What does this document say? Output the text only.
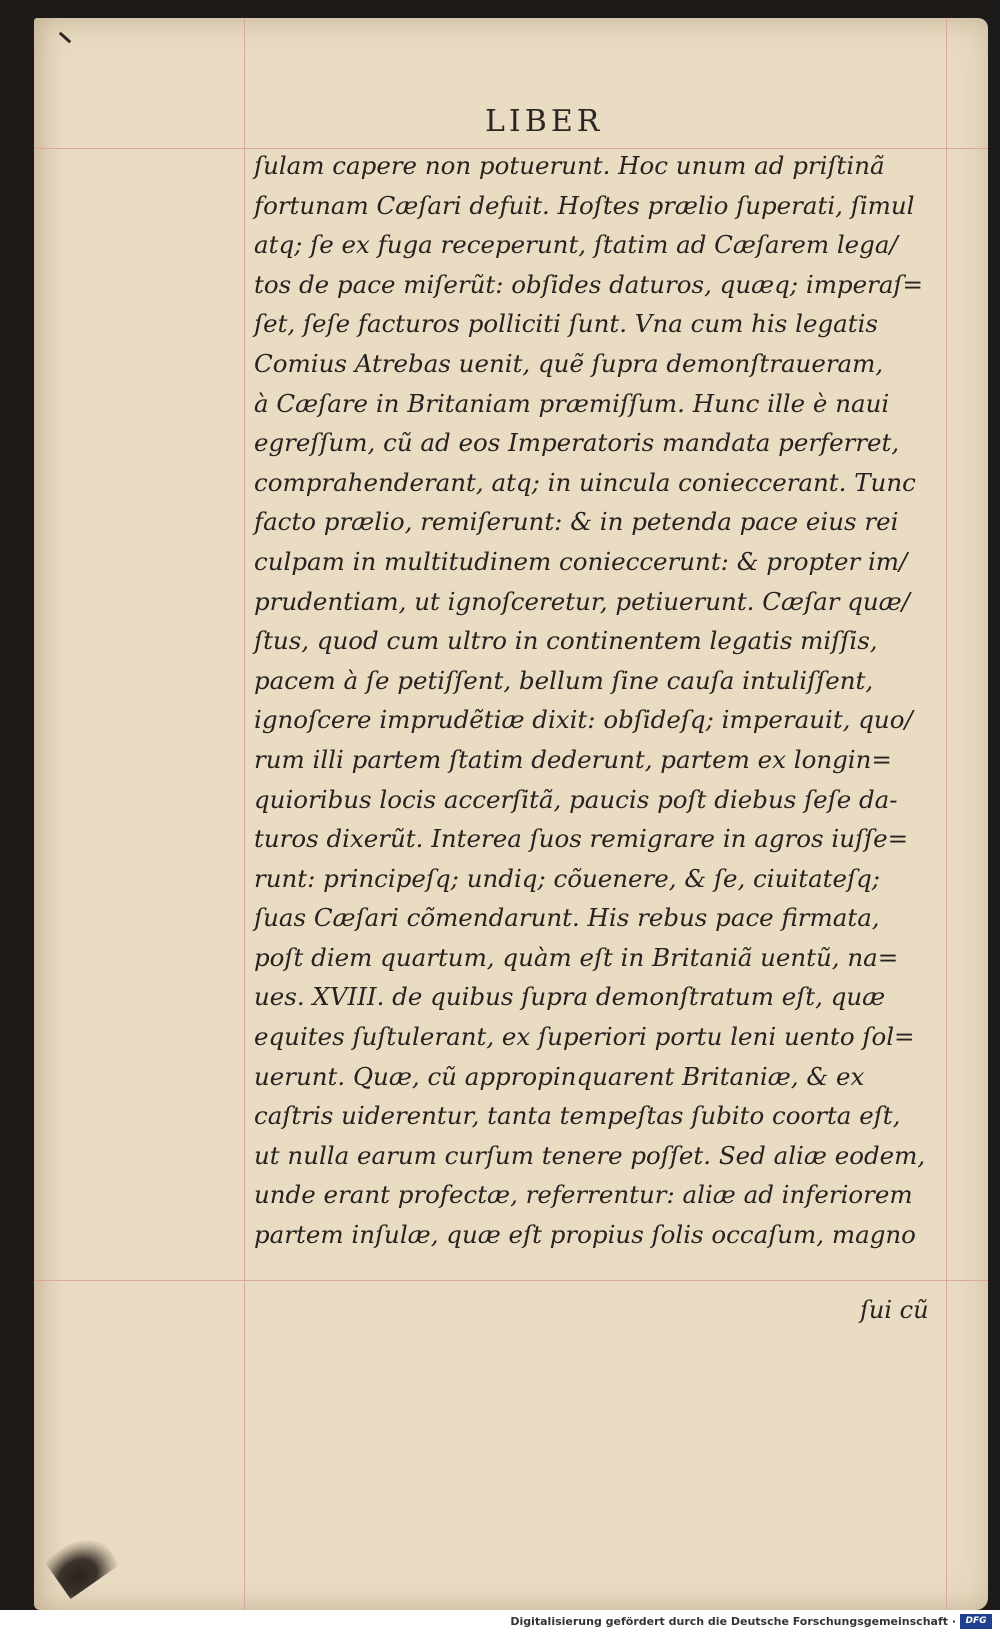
LIBER
ſulam capere non potuerunt. Hoc unum ad priſtinã
fortunam Cæſari defuit. Hoſtes prælio ſuperati, ſimul
atq; ſe ex fuga receperunt, ſtatim ad Cæſarem lega/
tos de pace miſerũt: obſides daturos, quæq; imperaſ=
ſet, ſeſe facturos polliciti ſunt. Vna cum his legatis
Comius Atrebas uenit, quẽ ſupra demonſtraueram,
à Cæſare in Britaniam præmiſſum. Hunc ille è naui
egreſſum, cũ ad eos Imperatoris mandata perferret,
comprahenderant, atq; in uincula conieccerant. Tunc
facto prælio, remiſerunt: & in petenda pace eius rei
culpam in multitudinem conieccerunt: & propter im/
prudentiam, ut ignoſceretur, petiuerunt. Cæſar quæ/
ſtus, quod cum ultro in continentem legatis miſſis,
pacem à ſe petiſſent, bellum ſine cauſa intuliſſent,
ignoſcere imprudẽtiæ dixit: obſideſq; imperauit, quo/
rum illi partem ſtatim dederunt, partem ex longin=
quioribus locis accerſitã, paucis poſt diebus ſeſe da-
turos dixerũt. Interea ſuos remigrare in agros iuſſe=
runt: principeſq; undiq; cõuenere, & ſe, ciuitateſq;
ſuas Cæſari cõmendarunt. His rebus pace firmata,
poſt diem quartum, quàm eſt in Britaniã uentũ, na=
ues. XVIII. de quibus ſupra demonſtratum eſt, quæ
equites ſuſtulerant, ex ſuperiori portu leni uento ſol=
uerunt. Quæ, cũ appropinquarent Britaniæ, & ex
caſtris uiderentur, tanta tempeſtas ſubito coorta eſt,
ut nulla earum curſum tenere poſſet. Sed aliæ eodem,
unde erant profectæ, referrentur: aliæ ad inferiorem
partem inſulæ, quæ eſt propius ſolis occaſum, magno
ſui cũ
Digitalisierung gefördert durch die Deutsche Forschungsgemeinschaft ·	DFG
